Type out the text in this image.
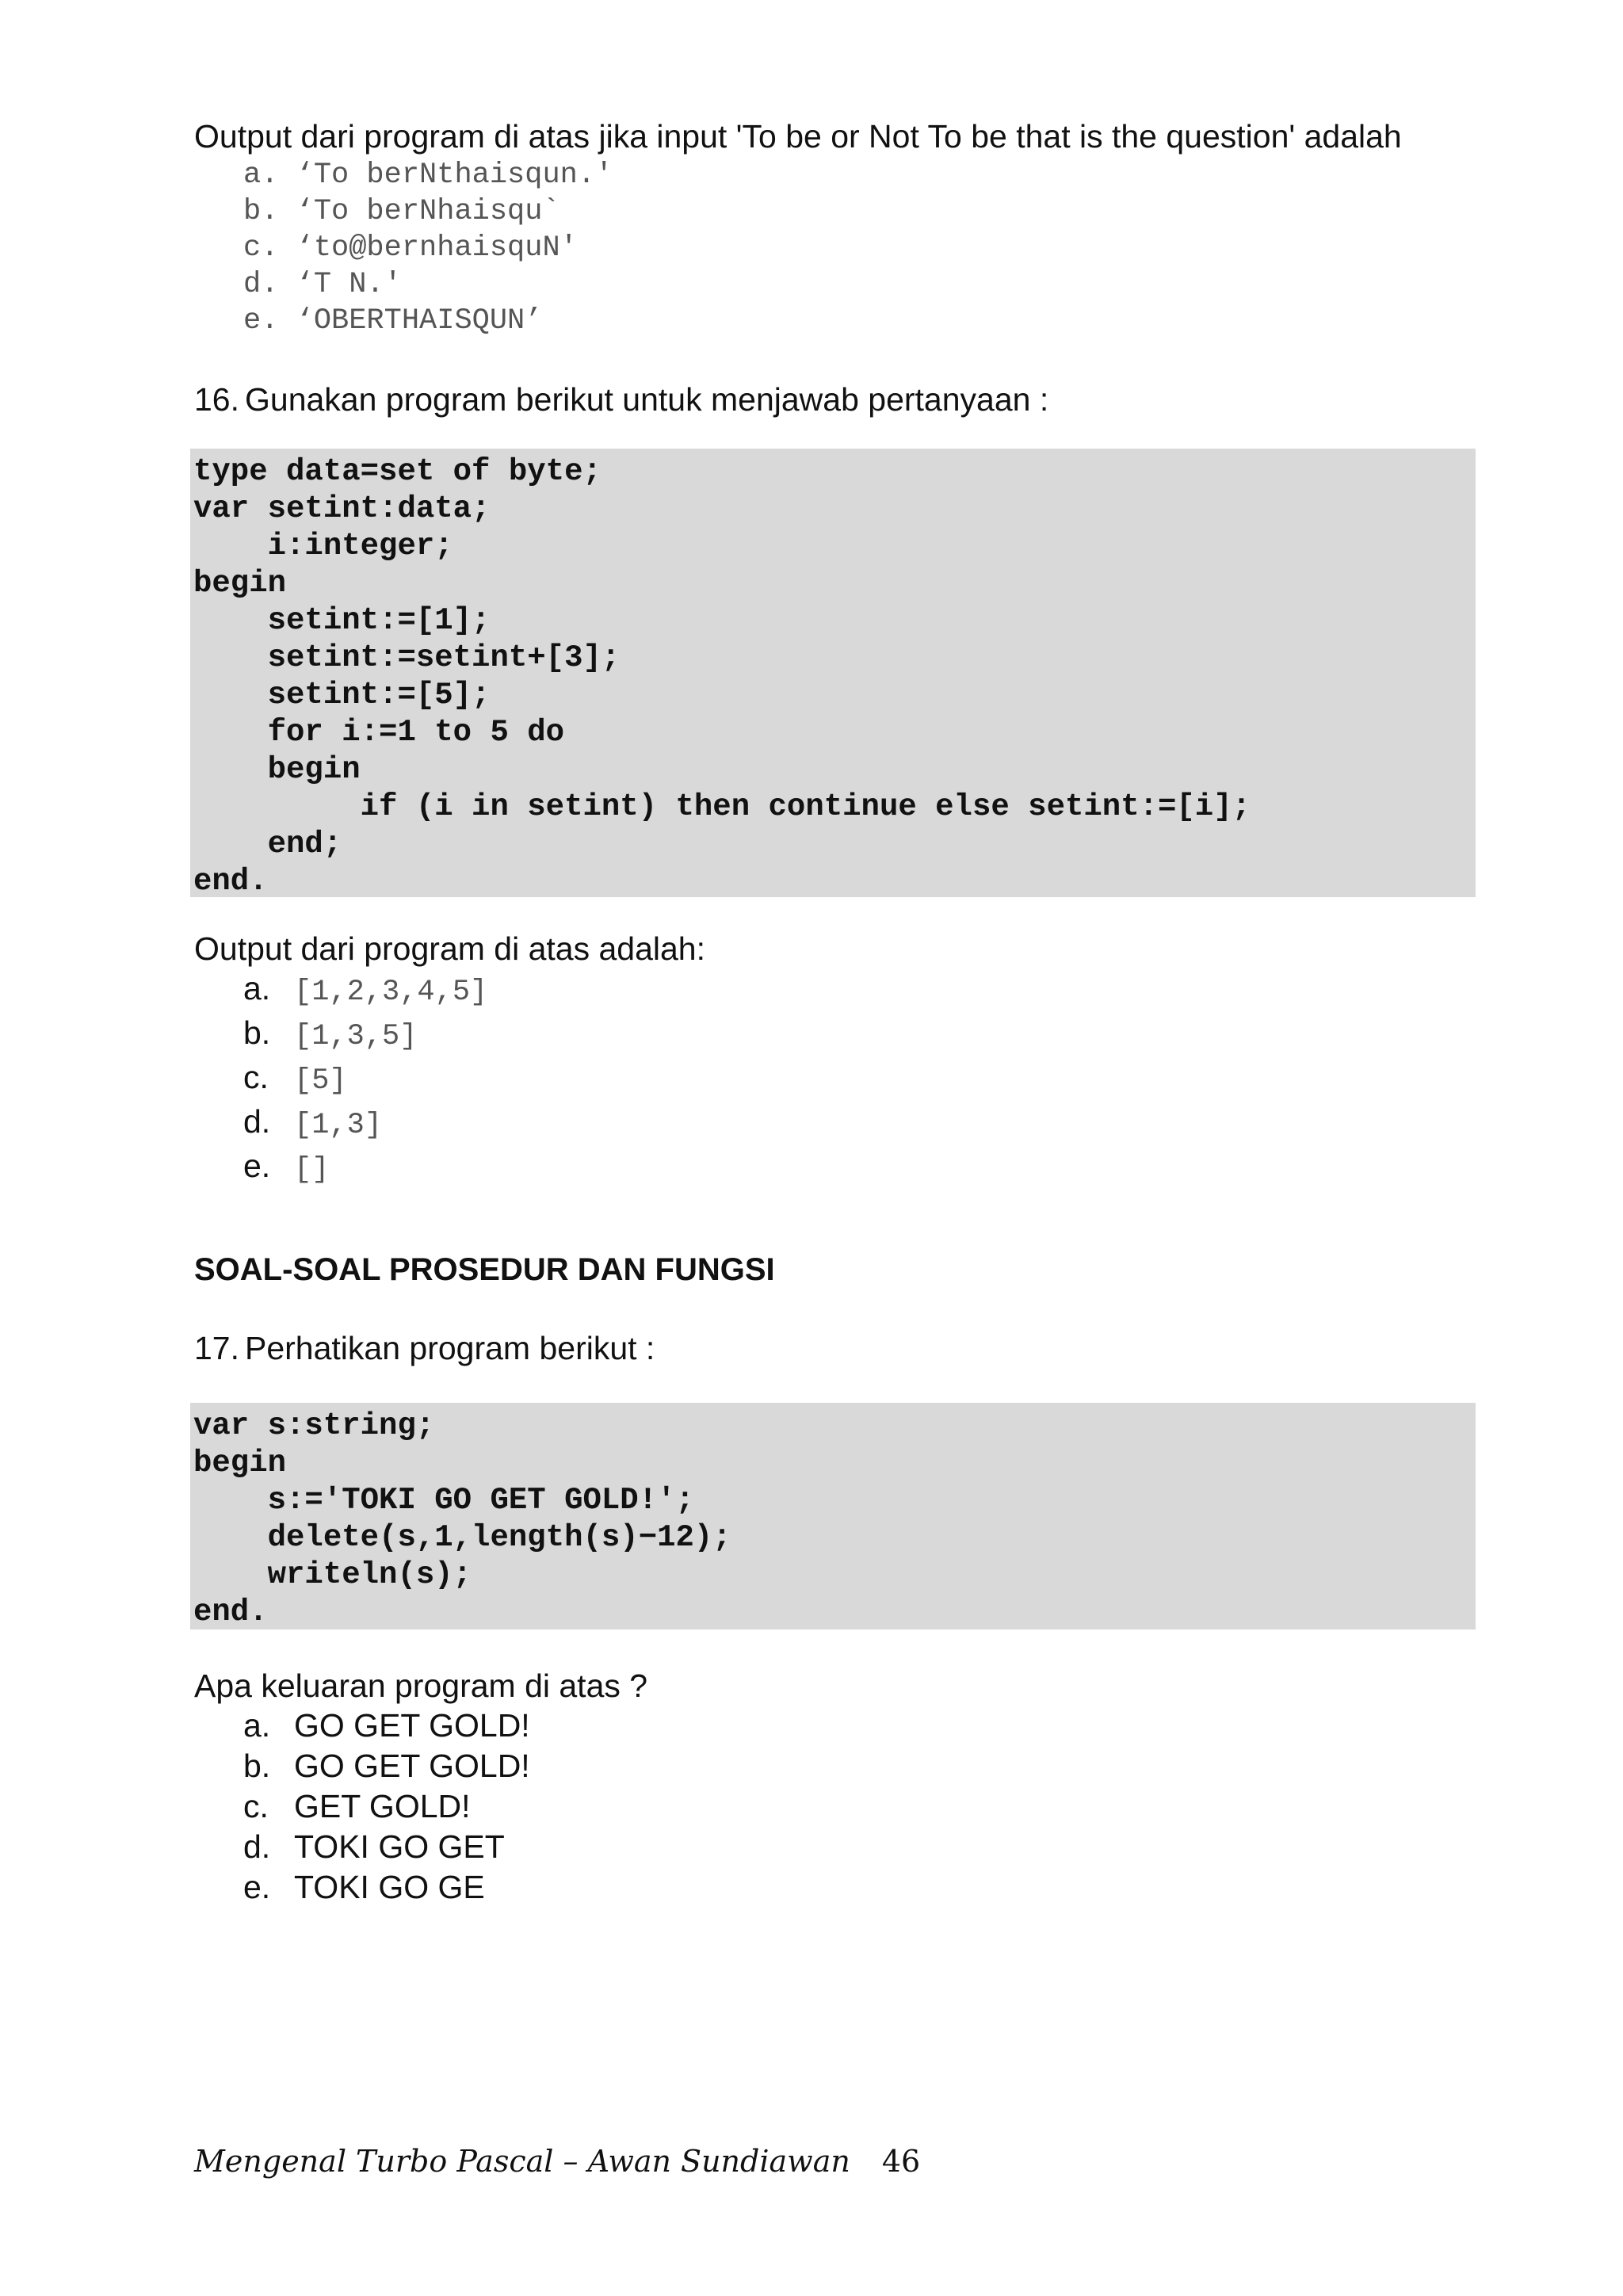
Output dari program di atas jika input 'To be or Not To be that is the question' adalah
a. ‘To berNthaisqun.'
b. ‘To berNhaisqu`
c. ‘to@bernhaisquN'
d. ‘T N.'
e. ‘OBERTHAISQUN’
16. Gunakan program berikut untuk menjawab pertanyaan :
type data=set of byte;
var setint:data;
i:integer;
begin
setint:=[1];
setint:=setint+[3];
setint:=[5];
for i:=1 to 5 do
begin
if (i in setint) then continue else setint:=[i];
end;
end.
Output dari program di atas adalah:
a. [1,2,3,4,5]
b. [1,3,5]
c. [5]
d. [1,3]
e. []
SOAL-SOAL PROSEDUR DAN FUNGSI
17. Perhatikan program berikut :
var s:string;
begin
s:='TOKI GO GET GOLD!';
delete(s,1,length(s)−12);
writeln(s);
end.
Apa keluaran program di atas ?
a. GO GET GOLD!
b. GO GET GOLD!
c. GET GOLD!
d. TOKI GO GET
e. TOKI GO GE
Mengenal Turbo Pascal – Awan Sundiawan 46
